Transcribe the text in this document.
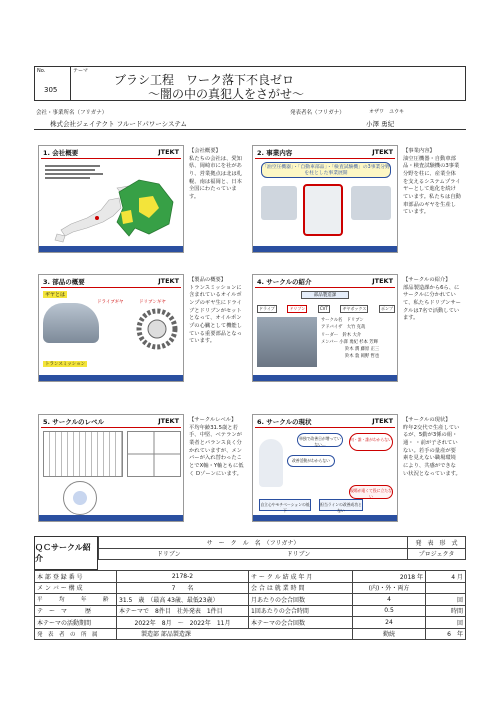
No.
305
テーマ
ブラシ工程　ワーク落下不良ゼロ
～闇の中の真犯人をさがせ～
会社・事業所名（フリガナ）
株式会社ジェイテクト フルードパワーシステム
発表者名（フリガナ）	オザワ　ユウキ
小澤 勇紀
1. 会社概要	JTEKT 【会社概要】
私たちの会社は、愛知県、岡崎市にを社があり、営業拠点は北は札幌、南は福岡と、日本全国にわたっています。
2. 事業内容	JTEKT
「油空圧機器」・「自動車部品」・「検査試験機」の3事業分野を柱とした事業展開
【事業内容】
油空圧機器・自動車部品・検査試験機の3事業分野を柱に、産業全体を支えるシステムプライヤーとして進化を続けています。私たちは自動車部品のギヤを生産しています。
3. 部品の概要	JTEKT
ギヤとは
トランスミッション
ドライブギヤ	ドリブンギヤ
【製品の概要】
トランスミッションに含まれているオイルポンプのギヤ生にドライブとドリブンがセットとなって、オイルポンプの心臓として機能している重要部品となっています。
4. サークルの紹介	JTEKT
部品製造課
ドライブ	ドリブン	CVT	ギヤボックス	ポンプ
サークル名　 ドリブン
アドバイザ　 大竹 克哉
リーダー　 鈴木 大介
メンバー 小澤 勇紀 杉本 芳輝
鈴木 潤 藤原 正三
鈴木 敦 岡野 哲也
【サークルの紹介】
部品製造課から6ら、にサークルに分かれていて、私たちドリブンサークルは7名で活動しています。
5. サークルのレベル	JTEKT 【サークルレベル】
平均年齢31.5歳と若手、中堅、ベテランが業者とバランス良く分かれていますが、メンバーが入れ替わったことでX軸・Y軸ともに低く Dゾーンにいます。
6. サークルの現状	JTEKT
単独で改善日が増っていない...
改善活動がわからない
何・誰・誰がわからない
現場が遠くて役に立たない
自立心やモチベーションの低下
担当ラインの改善成功とない
【サークルの現状】
昨年2交代で生産しているが、5勤が3係の組・通・ ・前が子されていない。若手の量産が要素を見えない職場環境により、共感ができない状況となっています。
ＱＣサークル紹介
サ　ー　ク　ル　名　（フリガナ）			発　表　形　式
ドリブン	ドリブン		プロジェクタ
本 部 登 録 番 号	2178-2	サ ー ク ル 結 成 年 月	2018 年	4 月
メ ン バ ー 構 成	7　　名	会 合 は 就 業 時 間	(内)・外・両方	
平　　　均　　　年　　　齢	31.5　歳　（最高 43歳、最低23歳）	月あたりの会合回数	4	回
テ　ー　マ　　　歴	本テーマで　8件目　社外発表　1件目	1回あたりの会合時間	0.5	時間
本テーマの活動期間	2022年　8月　～　2022年　11月	本テーマの会合回数	24	回
発　表　者　の　所　属	製造部 部品製造課		勤続	6　年
